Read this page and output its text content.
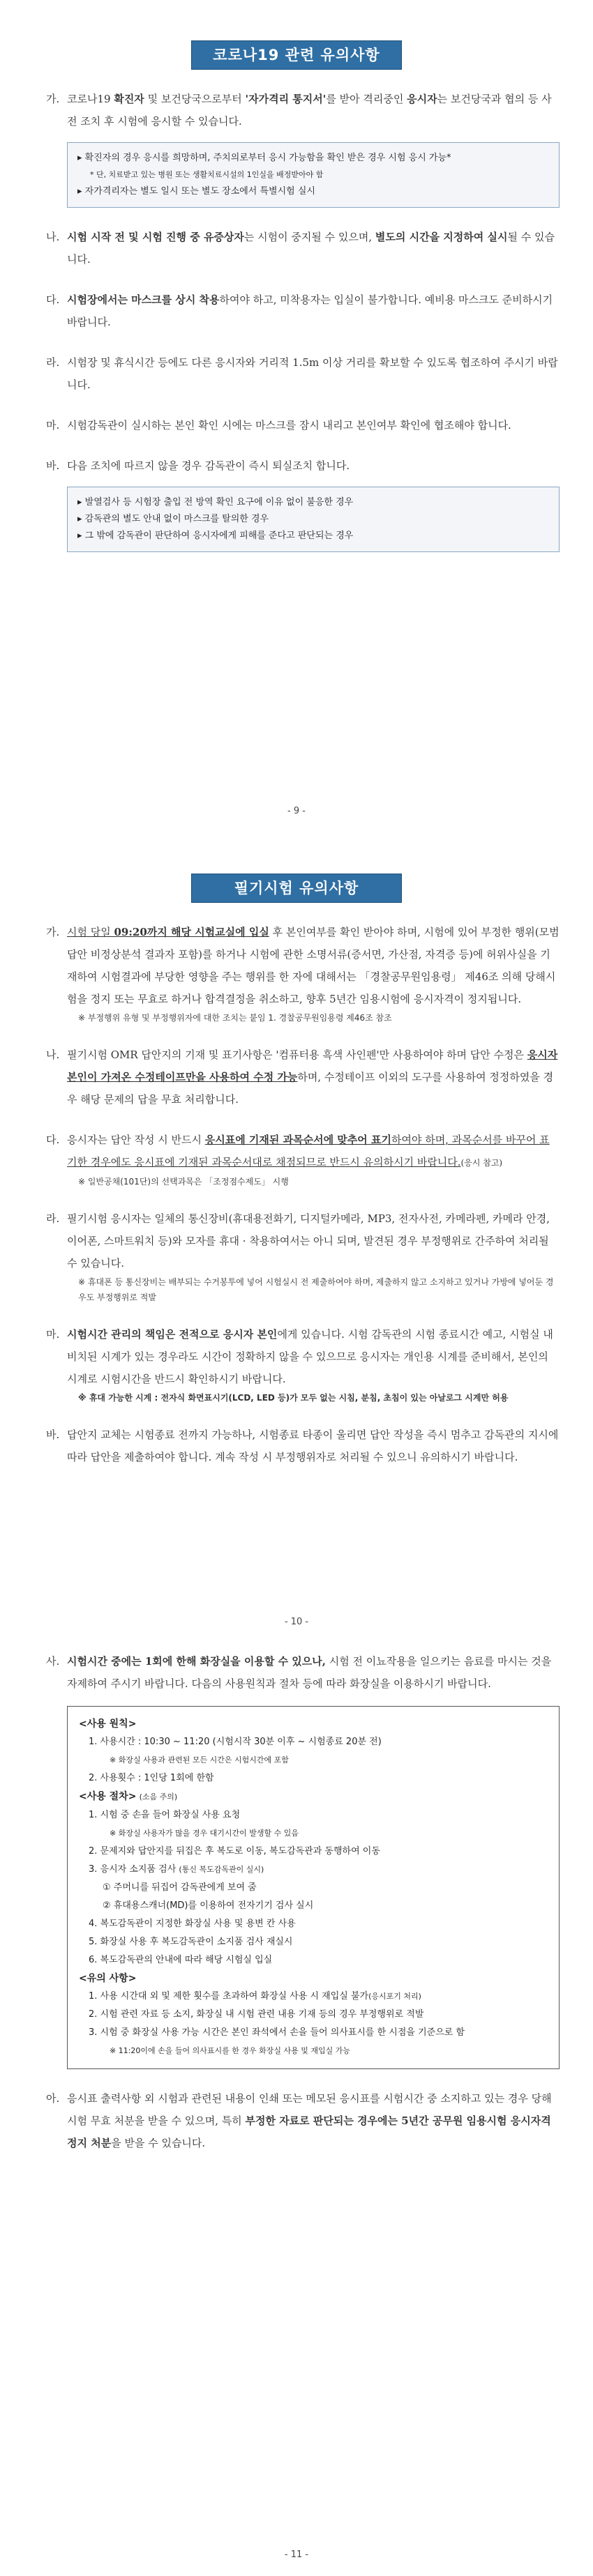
코로나19 관련 유의사항
가. 코로나19 확진자 및 보건당국으로부터 '자가격리 통지서'를 받아 격리중인 응시자는 보건당국과 협의 등 사전 조치 후 시험에 응시할 수 있습니다.
▸ 확진자의 경우 응시를 희망하며, 주치의로부터 응시 가능함을 확인 받은 경우 시험 응시 가능*
* 단, 치료받고 있는 병원 또는 생활치료시설의 1인실을 배정받아야 함
▸ 자가격리자는 별도 일시 또는 별도 장소에서 특별시험 실시
나. 시험 시작 전 및 시험 진행 중 유증상자는 시험이 중지될 수 있으며, 별도의 시간을 지정하여 실시될 수 있습니다.
다. 시험장에서는 마스크를 상시 착용하여야 하고, 미착용자는 입실이 불가합니다. 예비용 마스크도 준비하시기 바랍니다.
라. 시험장 및 휴식시간 등에도 다른 응시자와 거리적 1.5m 이상 거리를 확보할 수 있도록 협조하여 주시기 바랍니다.
마. 시험감독관이 실시하는 본인 확인 시에는 마스크를 잠시 내리고 본인여부 확인에 협조해야 합니다.
바. 다음 조치에 따르지 않을 경우 감독관이 즉시 퇴실조치 합니다.
▸ 발열검사 등 시험장 출입 전 방역 확인 요구에 이유 없이 불응한 경우
▸ 감독관의 별도 안내 없이 마스크를 탈의한 경우
▸ 그 밖에 감독관이 판단하여 응시자에게 피해를 준다고 판단되는 경우
- 9 -
필기시험 유의사항
가. 시험 당일 09:20까지 해당 시험교실에 입실 후 본인여부를 확인 받아야 하며, 시험에 있어 부정한 행위(모범답안 비정상분석 결과자 포함)를 하거나 시험에 관한 소명서류(증서면, 가산점, 자격증 등)에 허위사실을 기재하여 시험결과에 부당한 영향을 주는 행위를 한 자에 대해서는 「경찰공무원임용령」 제46조 의해 당해시험을 정지 또는 무효로 하거나 합격결정을 취소하고, 향후 5년간 임용시험에 응시자격이 정지됩니다.
※ 부정행위 유형 및 부정행위자에 대한 조치는 붙임 1. 경찰공무원임용령 제46조 참조
나. 필기시험 OMR 답안지의 기재 및 표기사항은 '컴퓨터용 흑색 사인펜'만 사용하여야 하며 답안 수정은 응시자 본인이 가져온 수정테이프만을 사용하여 수정 가능하며, 수정테이프 이외의 도구를 사용하여 정정하였을 경우 해당 문제의 답을 무효 처리합니다.
다. 응시자는 답안 작성 시 반드시 응시표에 기재된 과목순서에 맞추어 표기하여야 하며, 과목순서를 바꾸어 표기한 경우에도 응시표에 기재된 과목순서대로 채점되므로 반드시 유의하시기 바랍니다.(응시 참고)
※ 일반공채(101단)의 선택과목은 「조정점수제도」 시행
라. 필기시험 응시자는 일체의 통신장비(휴대용전화기, 디지털카메라, MP3, 전자사전, 카메라펜, 카메라 안경, 이어폰, 스마트워치 등)와 모자를 휴대 · 착용하여서는 아니 되며, 발견된 경우 부정행위로 간주하여 처리될 수 있습니다.
※ 휴대폰 등 통신장비는 배부되는 수거봉투에 넣어 시험실시 전 제출하여야 하며, 제출하지 않고 소지하고 있거나 가방에 넣어둔 경우도 부정행위로 적발
마. 시험시간 관리의 책임은 전적으로 응시자 본인에게 있습니다. 시험 감독관의 시험 종료시간 예고, 시험실 내 비치된 시계가 있는 경우라도 시간이 정확하지 않을 수 있으므로 응시자는 개인용 시계를 준비해서, 본인의 시계로 시험시간을 반드시 확인하시기 바랍니다.
※ 휴대 가능한 시계 : 전자식 화면표시기(LCD, LED 등)가 모두 없는 시침, 분침, 초침이 있는 아날로그 시계만 허용
바. 답안지 교체는 시험종료 전까지 가능하나, 시험종료 타종이 울리면 답안 작성을 즉시 멈추고 감독관의 지시에 따라 답안을 제출하여야 합니다. 계속 작성 시 부정행위자로 처리될 수 있으니 유의하시기 바랍니다.
- 10 -
사. 시험시간 중에는 1회에 한해 화장실을 이용할 수 있으나, 시험 전 이뇨작용을 일으키는 음료를 마시는 것을 자제하여 주시기 바랍니다. 다음의 사용원칙과 절차 등에 따라 화장실을 이용하시기 바랍니다.
<사용 원칙>
1. 사용시간 : 10:30 ~ 11:20 (시험시작 30분 이후 ~ 시험종료 20분 전)
※ 화장실 사용과 관련된 모든 시간은 시험시간에 포함
2. 사용횟수 : 1인당 1회에 한함
<사용 절차> (소음 주의)
1. 시험 중 손을 들어 화장실 사용 요청
※ 화장실 사용자가 많을 경우 대기시간이 발생할 수 있음
2. 문제지와 답안지를 뒤집은 후 복도로 이동, 복도감독관과 동행하여 이동
3. 응시자 소지품 검사 (통신 복도감독관이 실시)
① 주머니를 뒤집어 감독관에게 보여 줌
② 휴대용스캐너(MD)를 이용하여 전자기기 검사 실시
4. 복도감독관이 지정한 화장실 사용 및 용변 칸 사용
5. 화장실 사용 후 복도감독관이 소지품 검사 재실시
6. 복도감독관의 안내에 따라 해당 시험실 입실
<유의 사항>
1. 사용 시간대 외 및 제한 횟수를 초과하여 화장실 사용 시 재입실 불가(응시포기 처리)
2. 시험 관련 자료 등 소지, 화장실 내 시험 관련 내용 기재 등의 경우 부정행위로 적발
3. 시험 중 화장실 사용 가능 시간은 본인 좌석에서 손을 들어 의사표시를 한 시점을 기준으로 함
※ 11:20이에 손을 들어 의사표시를 한 경우 화장실 사용 및 재입실 가능
아. 응시표 출력사항 외 시험과 관련된 내용이 인쇄 또는 메모된 응시표를 시험시간 중 소지하고 있는 경우 당해시험 무효 처분을 받을 수 있으며, 특히 부정한 자료로 판단되는 경우에는 5년간 공무원 임용시험 응시자격 정지 처분을 받을 수 있습니다.
- 11 -
